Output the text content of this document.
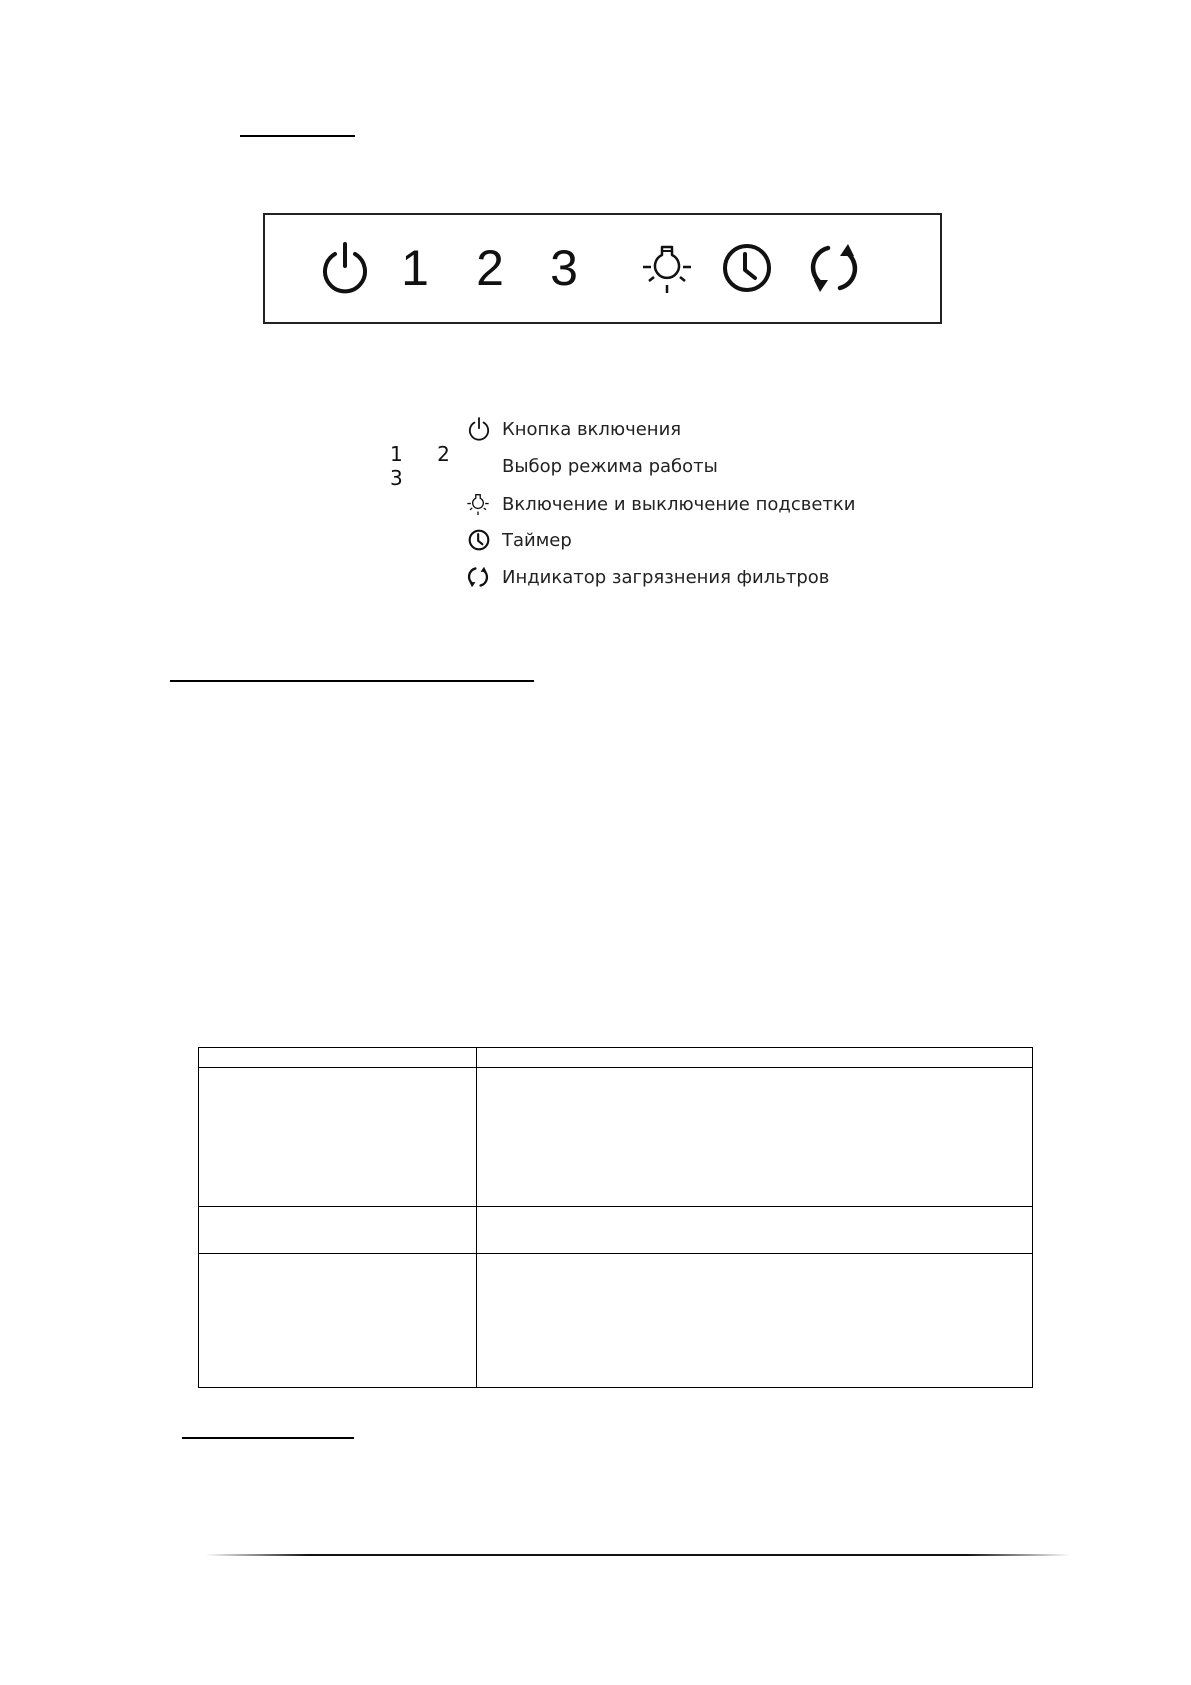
1 2 3
Кнопка включения
1 2 3	Выбор режима работы
Включение и выключение подсветки
Таймер
Индикатор загрязнения фильтров
